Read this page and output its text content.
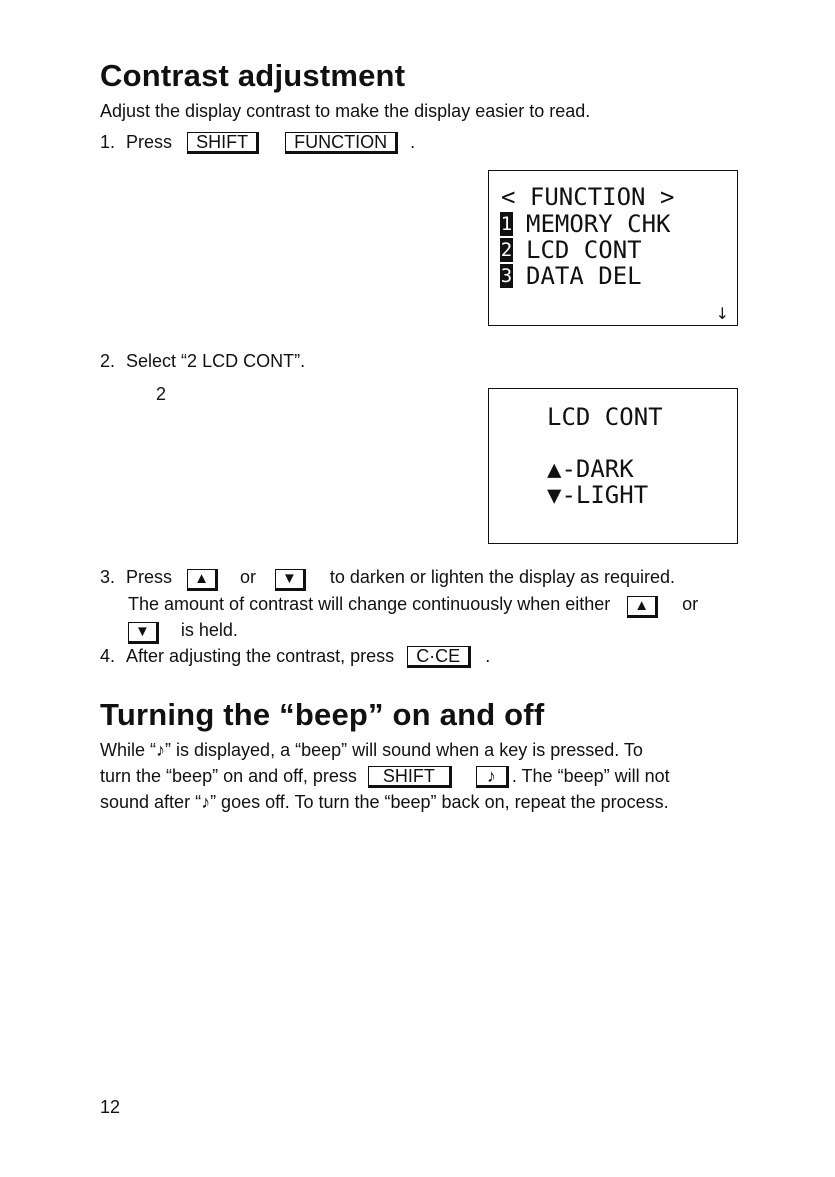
Contrast adjustment
Adjust the display contrast to make the display easier to read.
1. Press SHIFT	FUNCTION .
< FUNCTION >
1 MEMORY CHK
2 LCD CONT
3 DATA DEL
↓
2. Select “2 LCD CONT”.
2
LCD CONT
▲-DARK
▼-LIGHT
3. Press ▲ or ▼ to darken or lighten the display as required.
The amount of contrast will change continuously when either ▲ or
▼ is held.
4. After adjusting the contrast, press C·CE .
Turning the “beep” on and off
While “♪” is displayed, a “beep” will sound when a key is pressed. To
turn the “beep” on and off, press SHIFT	♪ . The “beep” will not
sound after “♪” goes off. To turn the “beep” back on, repeat the process.
12
